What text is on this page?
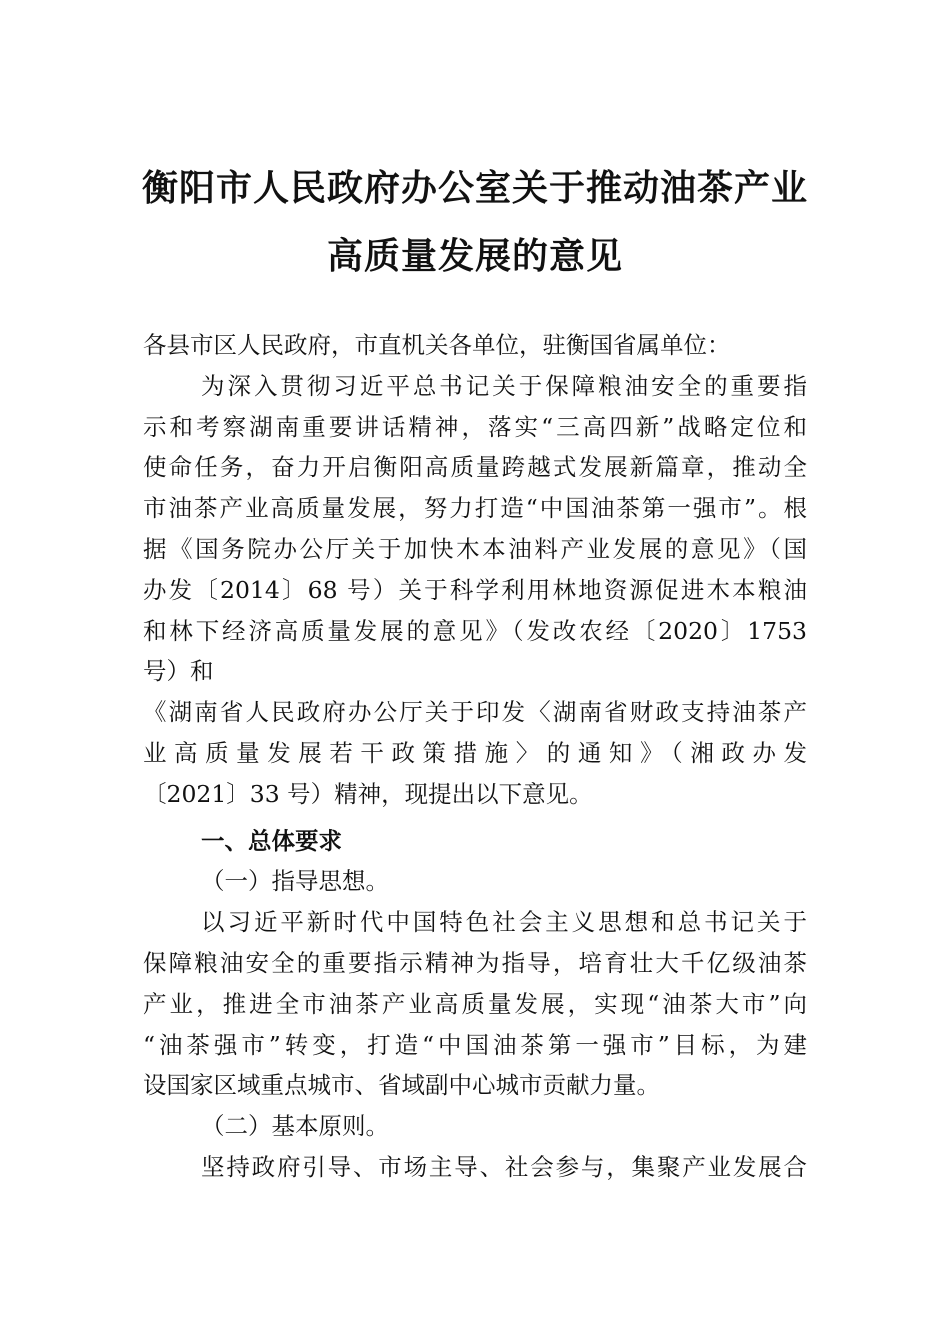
衡阳市人民政府办公室关于推动油茶产业
高质量发展的意见
各县市区人民政府，市直机关各单位，驻衡国省属单位：
为深入贯彻习近平总书记关于保障粮油安全的重要指
示和考察湖南重要讲话精神，落实“三高四新”战略定位和
使命任务，奋力开启衡阳高质量跨越式发展新篇章，推动全
市油茶产业高质量发展，努力打造“中国油茶第一强市”。根
据《国务院办公厅关于加快木本油料产业发展的意见》（国
办发〔2014〕68 号）关于科学利用林地资源促进木本粮油
和林下经济高质量发展的意见》（发改农经〔2020〕1753
号）和
《湖南省人民政府办公厅关于印发〈湖南省财政支持油茶产
业高质量发展若干政策措施〉的通知》（湘政办发
〔2021〕33 号）精神，现提出以下意见。
一、总体要求
（一）指导思想。
以习近平新时代中国特色社会主义思想和总书记关于
保障粮油安全的重要指示精神为指导，培育壮大千亿级油茶
产业，推进全市油茶产业高质量发展，实现“油茶大市”向
“油茶强市”转变，打造“中国油茶第一强市”目标，为建
设国家区域重点城市、省域副中心城市贡献力量。
（二）基本原则。
坚持政府引导、市场主导、社会参与，集聚产业发展合
